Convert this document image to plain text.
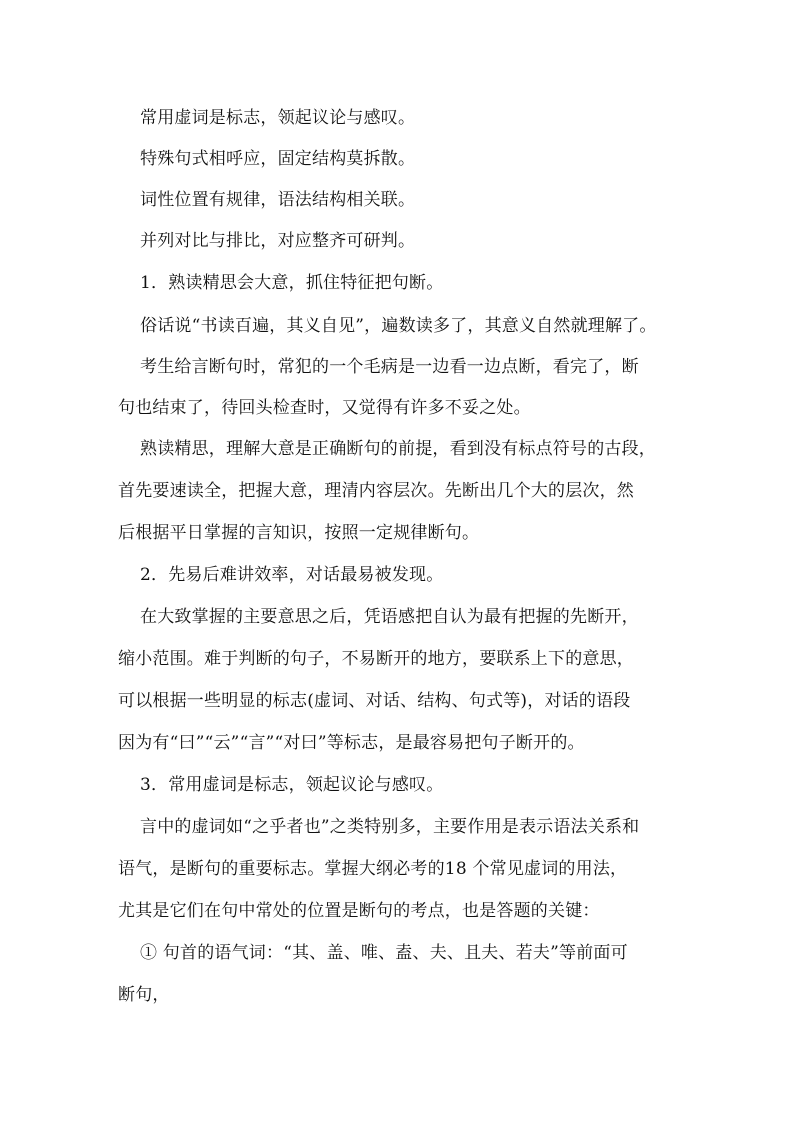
常用虚词是标志，领起议论与感叹。
特殊句式相呼应，固定结构莫拆散。
词性位置有规律，语法结构相关联。
并列对比与排比，对应整齐可研判。
1．熟读精思会大意，抓住特征把句断。
俗话说“书读百遍，其义自见”，遍数读多了，其意义自然就理解了。
考生给言断句时，常犯的一个毛病是一边看一边点断，看完了，断
句也结束了，待回头检查时，又觉得有许多不妥之处。
熟读精思，理解大意是正确断句的前提，看到没有标点符号的古段，
首先要速读全，把握大意，理清内容层次。先断出几个大的层次，然
后根据平日掌握的言知识，按照一定规律断句。
2．先易后难讲效率，对话最易被发现。
在大致掌握的主要意思之后，凭语感把自认为最有把握的先断开，
缩小范围。难于判断的句子，不易断开的地方，要联系上下的意思，
可以根据一些明显的标志(虚词、对话、结构、句式等)，对话的语段
因为有“曰”“云”“言”“对曰”等标志，是最容易把句子断开的。
3．常用虚词是标志，领起议论与感叹。
言中的虚词如“之乎者也”之类特别多，主要作用是表示语法关系和
语气，是断句的重要标志。掌握大纲必考的18 个常见虚词的用法，
尤其是它们在句中常处的位置是断句的考点，也是答题的关键：
① 句首的语气词：“其、盖、唯、盍、夫、且夫、若夫”等前面可
断句，
